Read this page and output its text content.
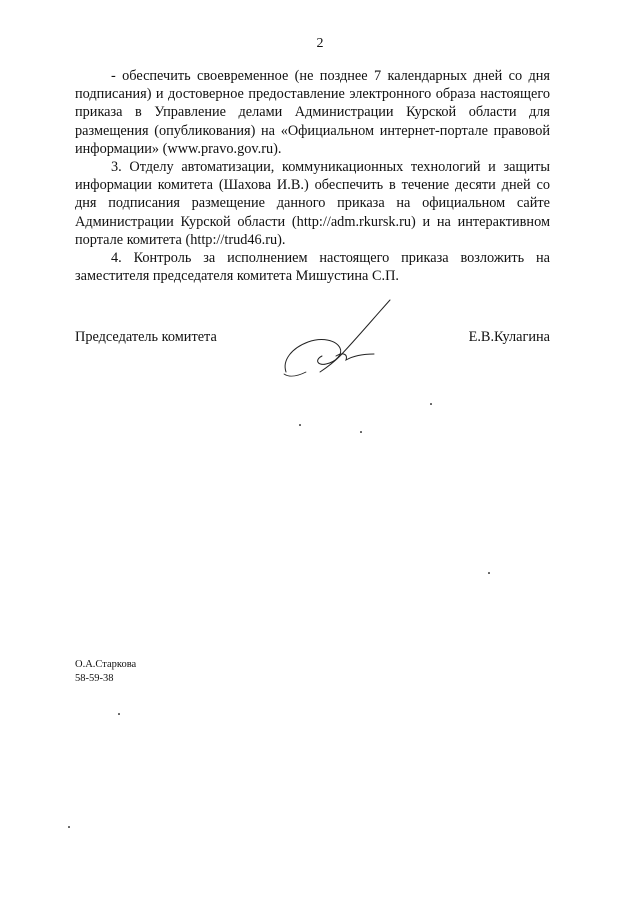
2

- обеспечить своевременное (не позднее 7 календарных дней со дня подписания) и достоверное предоставление электронного образа настоящего приказа в Управление делами Администрации Курской области для размещения (опубликования) на «Официальном интернет-портале правовой информации» (www.pravo.gov.ru).

3. Отделу автоматизации, коммуникационных технологий и защиты информации комитета (Шахова И.В.) обеспечить в течение десяти дней со дня подписания размещение данного приказа на официальном сайте Администрации Курской области (http://adm.rkursk.ru) и на интерактивном портале комитета (http://trud46.ru).

4. Контроль за исполнением настоящего приказа возложить на заместителя председателя комитета Мишустина С.П.

Председатель комитета	Е.В.Кулагина
О.А.Старкова
58-59-38
